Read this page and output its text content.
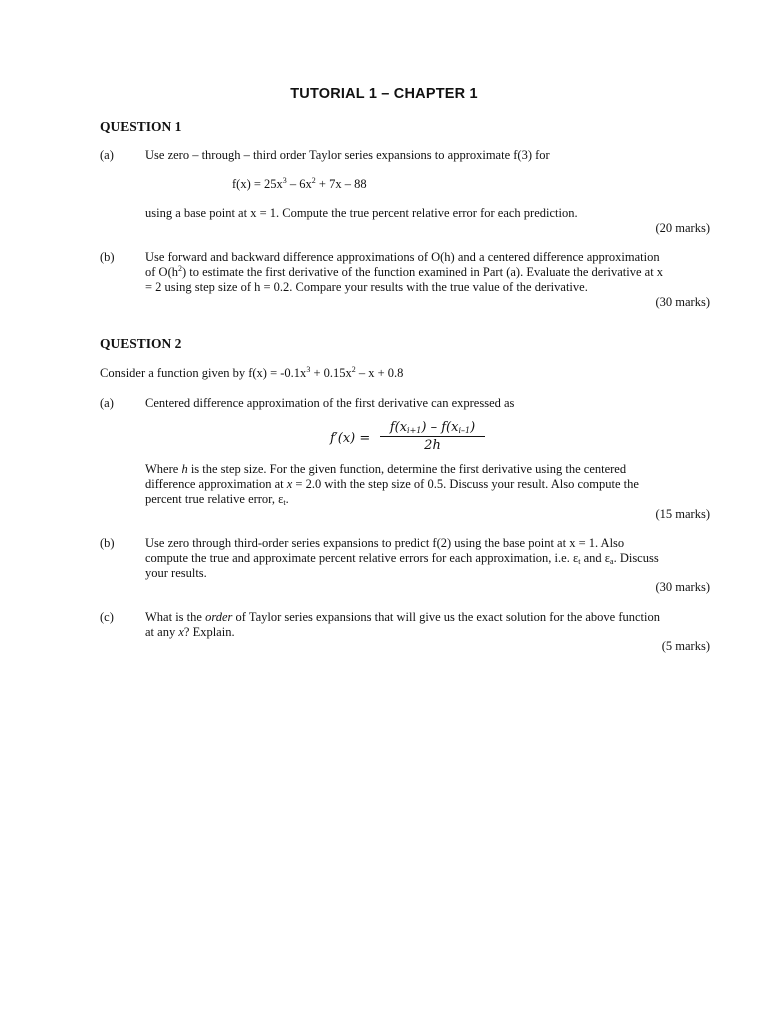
TUTORIAL 1 – CHAPTER 1
QUESTION 1
(a) Use zero – through – third order Taylor series expansions to approximate f(3) for
$f(x) = 25x^3 - 6x^2 + 7x - 88$
using a base point at x = 1. Compute the true percent relative error for each prediction.
(20 marks)
(b) Use forward and backward difference approximations of O(h) and a centered difference approximation
of $O(h^2)$ to estimate the first derivative of the function examined in Part (a). Evaluate the derivative at x
= 2 using step size of h = 0.2. Compare your results with the true value of the derivative.
(30 marks)
QUESTION 2
Consider a function given by $f(x) = -0.1x^3 + 0.15x^2 - x + 0.8$
(a) Centered difference approximation of the first derivative can expressed as
$f'(x) = \frac{f(x_{i+1}) - f(x_{i-1})}{2h}$
Where h is the step size. For the given function, determine the first derivative using the centered
difference approximation at x = 2.0 with the step size of 0.5. Discuss your result. Also compute the
percent true relative error, $\varepsilon_t$.
(15 marks)
(b) Use zero through third-order series expansions to predict f(2) using the base point at x = 1. Also
compute the true and approximate percent relative errors for each approximation, i.e. $\varepsilon_t$ and $\varepsilon_a$. Discuss
your results.
(30 marks)
(c) What is the order of Taylor series expansions that will give us the exact solution for the above function
at any x? Explain.
(5 marks)
